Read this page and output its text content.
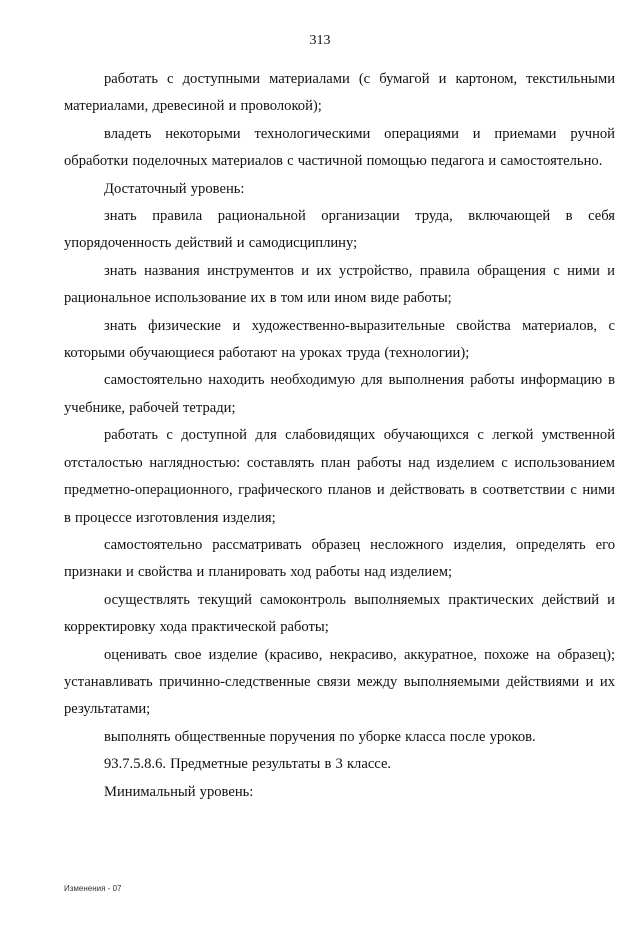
313

работать с доступными материалами (с бумагой и картоном, текстильными материалами, древесиной и проволокой);

владеть некоторыми технологическими операциями и приемами ручной обработки поделочных материалов с частичной помощью педагога и самостоятельно.

Достаточный уровень:

знать правила рациональной организации труда, включающей в себя упорядоченность действий и самодисциплину;

знать названия инструментов и их устройство, правила обращения с ними и рациональное использование их в том или ином виде работы;

знать физические и художественно-выразительные свойства материалов, с которыми обучающиеся работают на уроках труда (технологии);

самостоятельно находить необходимую для выполнения работы информацию в учебнике, рабочей тетради;

работать с доступной для слабовидящих обучающихся с легкой умственной отсталостью наглядностью: составлять план работы над изделием с использованием предметно-операционного, графического планов и действовать в соответствии с ними в процессе изготовления изделия;

самостоятельно рассматривать образец несложного изделия, определять его признаки и свойства и планировать ход работы над изделием;

осуществлять текущий самоконтроль выполняемых практических действий и корректировку хода практической работы;

оценивать свое изделие (красиво, некрасиво, аккуратное, похоже на образец); устанавливать причинно-следственные связи между выполняемыми действиями и их результатами;

выполнять общественные поручения по уборке класса после уроков.

93.7.5.8.6. Предметные результаты в 3 классе.

Минимальный уровень:

Изменения - 07
